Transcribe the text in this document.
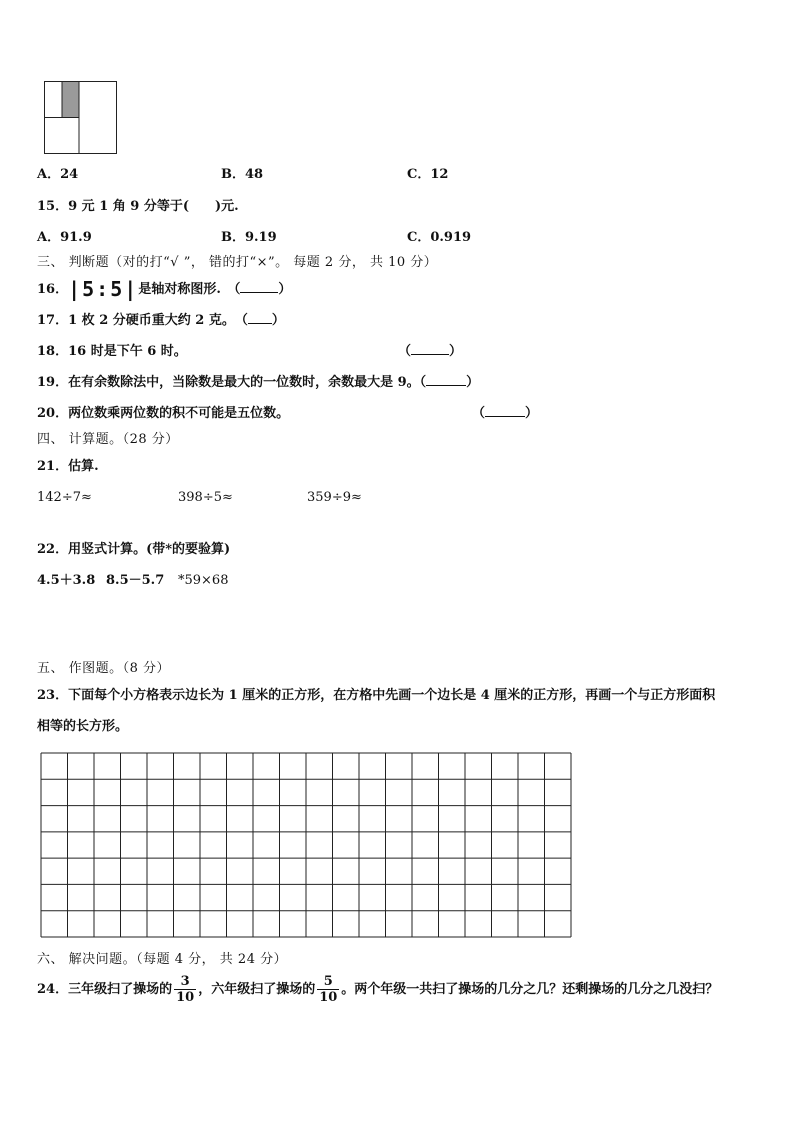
A．24	B．48	C．12
15．9 元 1 角 9 分等于(　　)元.
A．91.9	B．9.19	C．0.919
三、 判断题（对的打“√ ”， 错的打“×”。 每题 2 分， 共 10 分）
16．|5:5|是轴对称图形.　（	）
17．1 枚 2 分硬币重大约 2 克。　（ ）
18．16 时是下午 6 时。	（	）
19．在有余数除法中，当除数是最大的一位数时，余数最大是 9。（	）
20．两位数乘两位数的积不可能是五位数。	（	）
四、 计算题。（28 分）
21．估算.
142÷7≈	398÷5≈	359÷9≈
22．用竖式计算。(带*的要验算)
4.5＋3.8 8.5－5.7 *59×68
五、 作图题。（8 分）
23．下面每个小方格表示边长为 1 厘米的正方形，在方格中先画一个边长是 4 厘米的正方形，再画一个与正方形面积
相等的长方形。
六、 解决问题。（每题 4 分， 共 24 分）
24．三年级扫了操场的 $\frac{3}{10}$ ，六年级扫了操场的 $\frac{5}{10}$ 。两个年级一共扫了操场的几分之几？还剩操场的几分之几没扫？
